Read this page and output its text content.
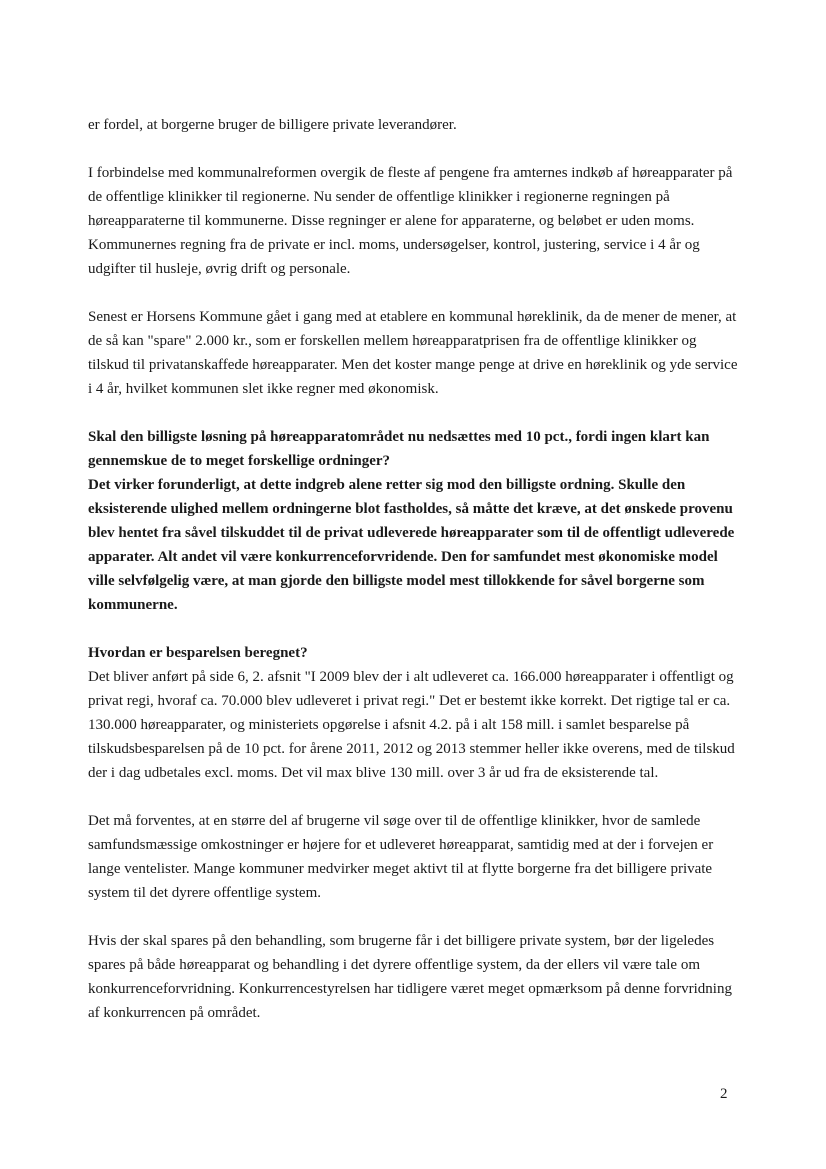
er fordel, at borgerne bruger de billigere private leverandører.

I forbindelse med kommunalreformen overgik de fleste af pengene fra amternes indkøb af høreapparater på de offentlige klinikker til regionerne. Nu sender de offentlige klinikker i regionerne regningen på høreapparaterne til kommunerne. Disse regninger er alene for apparaterne, og beløbet er uden moms. Kommunernes regning fra de private er incl. moms, undersøgelser, kontrol, justering, service i 4 år og udgifter til husleje, øvrig drift og personale.

Senest er Horsens Kommune gået i gang med at etablere en kommunal høreklinik, da de mener de mener, at de så kan "spare" 2.000 kr., som er forskellen mellem høreapparatprisen fra de offentlige klinikker og tilskud til privatanskaffede høreapparater. Men det koster mange penge at drive en høreklinik og yde service i 4 år, hvilket kommunen slet ikke regner med økonomisk.

Skal den billigste løsning på høreapparatområdet nu nedsættes med 10 pct., fordi ingen klart kan gennemskue de to meget forskellige ordninger?

Det virker forunderligt, at dette indgreb alene retter sig mod den billigste ordning. Skulle den eksisterende ulighed mellem ordningerne blot fastholdes, så måtte det kræve, at det ønskede provenu blev hentet fra såvel tilskuddet til de privat udleverede høreapparater som til de offentligt udleverede apparater. Alt andet vil være konkurrenceforvridende. Den for samfundet mest økonomiske model ville selvfølgelig være, at man gjorde den billigste model mest tillokkende for såvel borgerne som kommunerne.

Hvordan er besparelsen beregnet?

Det bliver anført på side 6, 2. afsnit "I 2009 blev der i alt udleveret ca. 166.000 høreapparater i offentligt og privat regi, hvoraf ca. 70.000 blev udleveret i privat regi." Det er bestemt ikke korrekt. Det rigtige tal er ca. 130.000 høreapparater, og ministeriets opgørelse i afsnit 4.2. på i alt 158 mill. i samlet besparelse på tilskudsbesparelsen på de 10 pct. for årene 2011, 2012 og 2013 stemmer heller ikke overens, med de tilskud der i dag udbetales excl. moms. Det vil max blive 130 mill. over 3 år ud fra de eksisterende tal.

Det må forventes, at en større del af brugerne vil søge over til de offentlige klinikker, hvor de samlede samfundsmæssige omkostninger er højere for et udleveret høreapparat, samtidig med at der i forvejen er lange ventelister. Mange kommuner medvirker meget aktivt til at flytte borgerne fra det billigere private system til det dyrere offentlige system.

Hvis der skal spares på den behandling, som brugerne får i det billigere private system, bør der ligeledes spares på både høreapparat og behandling i det dyrere offentlige system, da der ellers vil være tale om konkurrenceforvridning. Konkurrencestyrelsen har tidligere været meget opmærksom på denne forvridning af konkurrencen på området.

2
